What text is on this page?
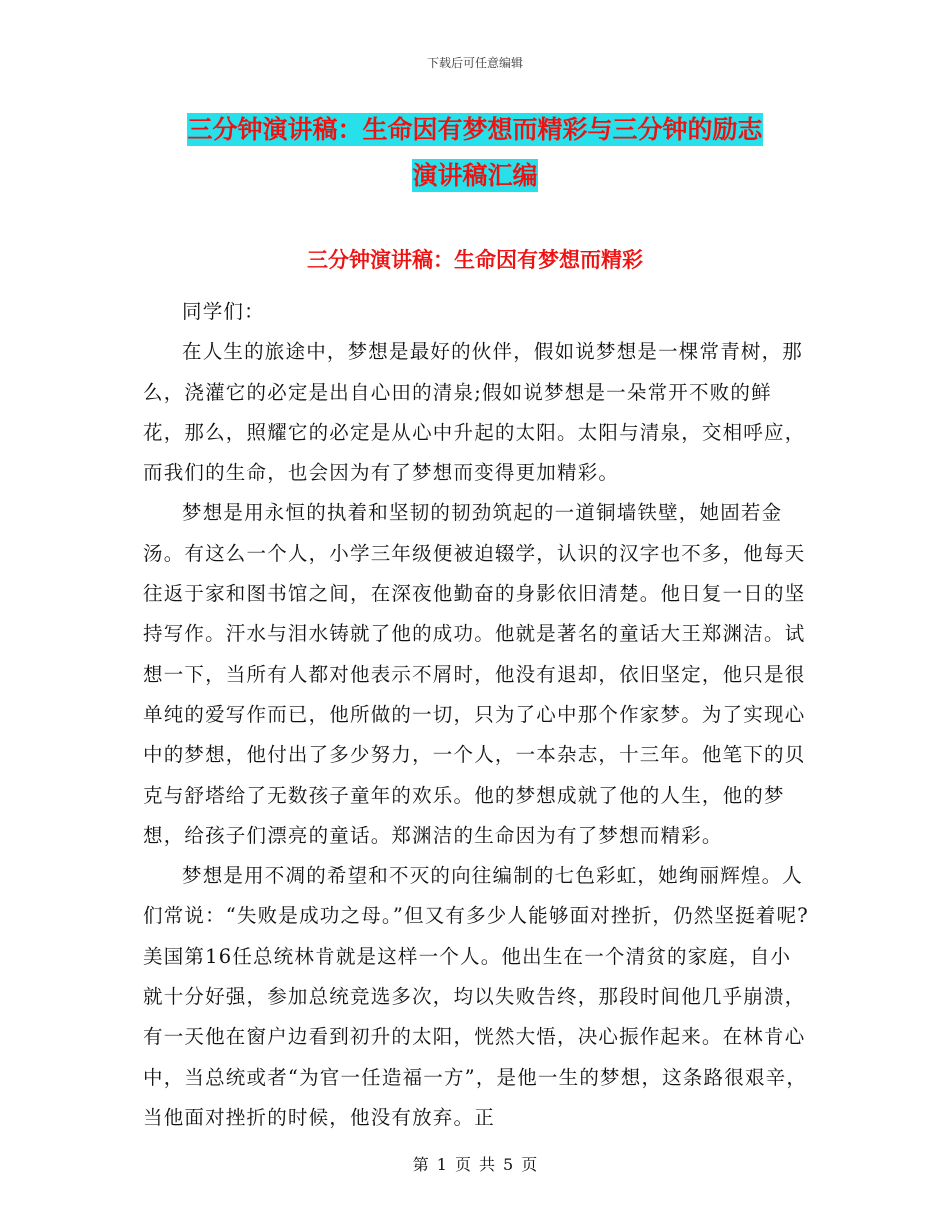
下载后可任意编辑
三分钟演讲稿：生命因有梦想而精彩与三分钟的励志
演讲稿汇编
三分钟演讲稿：生命因有梦想而精彩

同学们：

在人生的旅途中，梦想是最好的伙伴，假如说梦想是一棵常青树，那么，浇灌它的必定是出自心田的清泉;假如说梦想是一朵常开不败的鲜花，那么，照耀它的必定是从心中升起的太阳。太阳与清泉，交相呼应，而我们的生命，也会因为有了梦想而变得更加精彩。

梦想是用永恒的执着和坚韧的韧劲筑起的一道铜墙铁壁，她固若金汤。有这么一个人，小学三年级便被迫辍学，认识的汉字也不多，他每天往返于家和图书馆之间，在深夜他勤奋的身影依旧清楚。他日复一日的坚持写作。汗水与泪水铸就了他的成功。他就是著名的童话大王郑渊洁。试想一下，当所有人都对他表示不屑时，他没有退却，依旧坚定，他只是很单纯的爱写作而已，他所做的一切，只为了心中那个作家梦。为了实现心中的梦想，他付出了多少努力，一个人，一本杂志，十三年。他笔下的贝克与舒塔给了无数孩子童年的欢乐。他的梦想成就了他的人生，他的梦想，给孩子们漂亮的童话。郑渊洁的生命因为有了梦想而精彩。

梦想是用不凋的希望和不灭的向往编制的七色彩虹，她绚丽辉煌。人们常说：“失败是成功之母。”但又有多少人能够面对挫折，仍然坚挺着呢?美国第16任总统林肯就是这样一个人。他出生在一个清贫的家庭，自小就十分好强，参加总统竞选多次，均以失败告终，那段时间他几乎崩溃，有一天他在窗户边看到初升的太阳，恍然大悟，决心振作起来。在林肯心中，当总统或者“为官一任造福一方”，是他一生的梦想，这条路很艰辛，当他面对挫折的时候，他没有放弃。正

第 1 页 共 5 页
